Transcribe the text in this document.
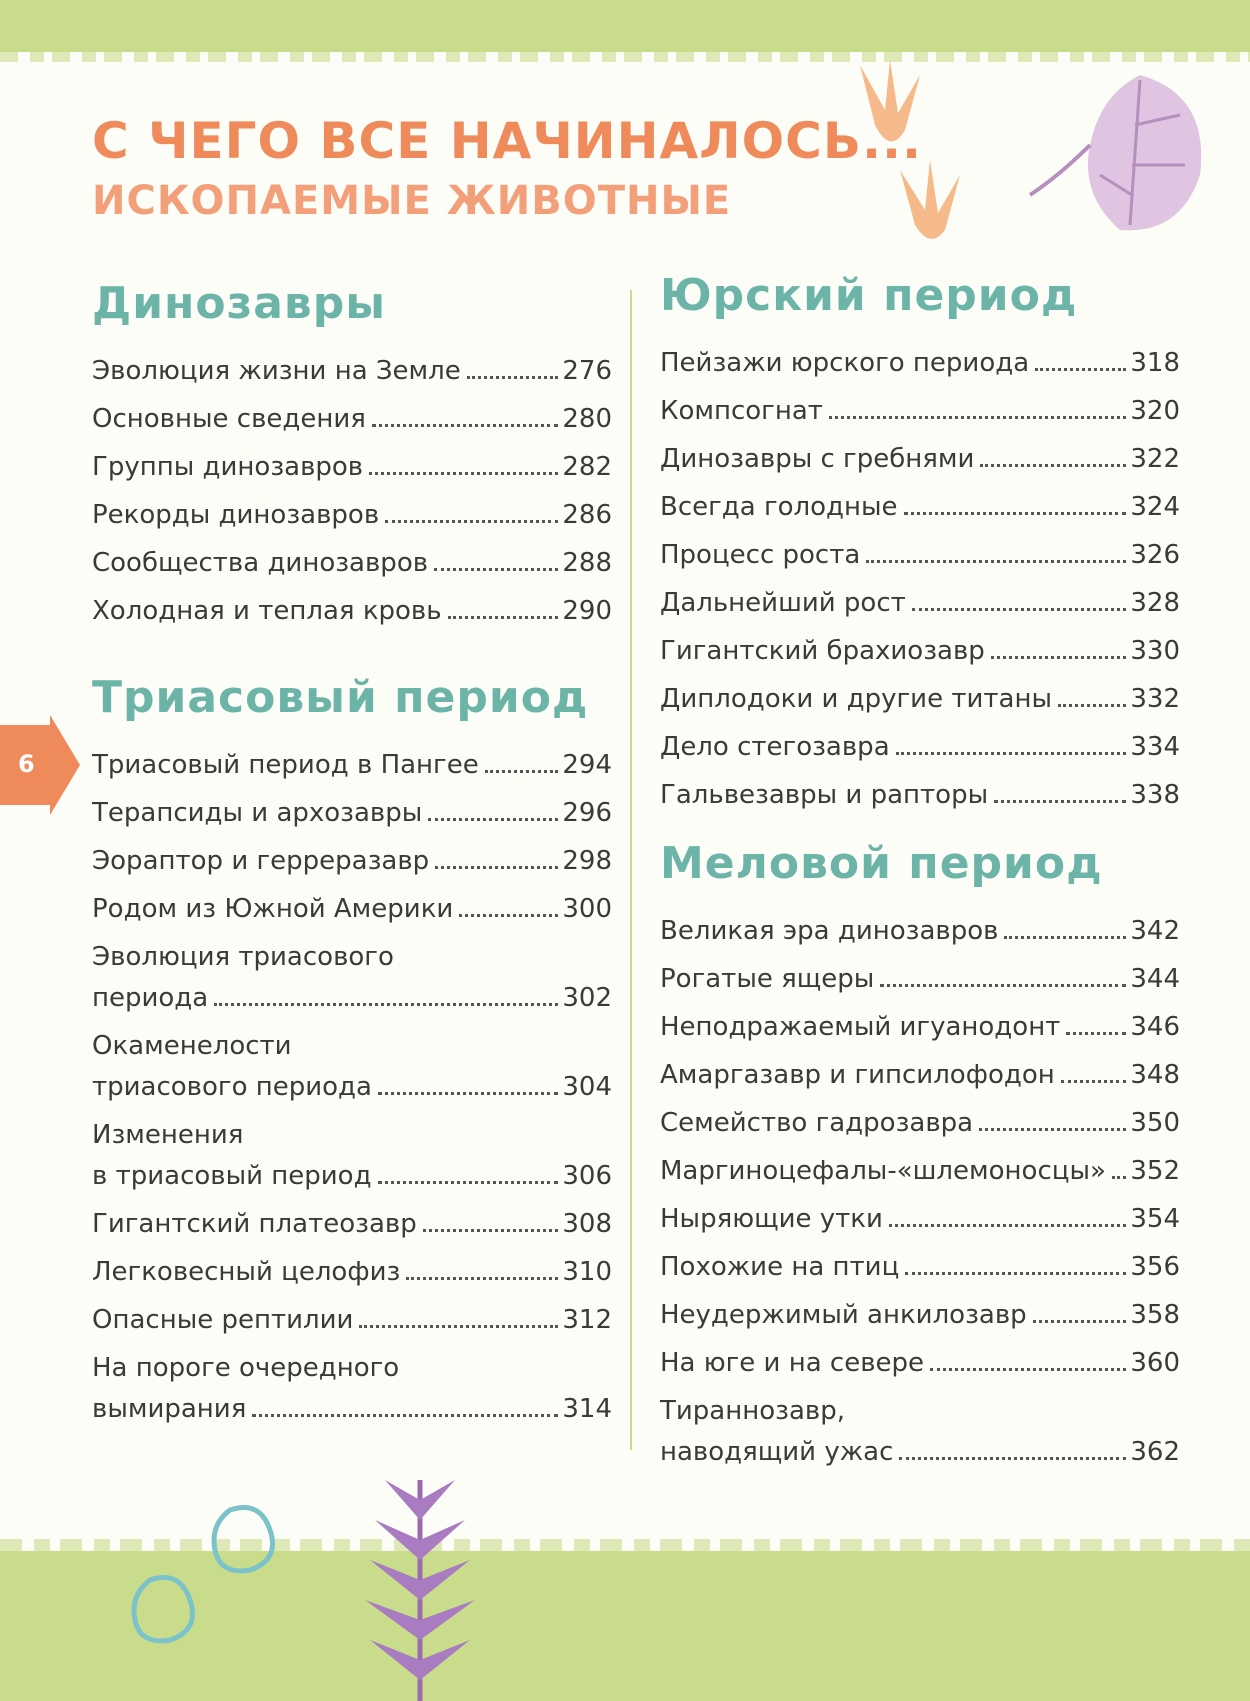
6
С ЧЕГО ВСЕ НАЧИНАЛОСЬ...
ИСКОПАЕМЫЕ ЖИВОТНЫЕ
Динозавры
Эволюция жизни на Земле	276
Основные сведения	280
Группы динозавров	282
Рекорды динозавров	286
Сообщества динозавров	288
Холодная и теплая кровь	290
Триасовый период
Триасовый период в Пангее	294
Терапсиды и архозавры	296
Эораптор и герреразавр	298
Родом из Южной Америки	300
Эволюция триасового
периода	302
Окаменелости
триасового периода	304
Изменения
в триасовый период	306
Гигантский платеозавр	308
Легковесный целофиз	310
Опасные рептилии	312
На пороге очередного
вымирания	314
Юрский период
Пейзажи юрского периода	318
Компсогнат	320
Динозавры с гребнями	322
Всегда голодные	324
Процесс роста	326
Дальнейший рост	328
Гигантский брахиозавр	330
Диплодоки и другие титаны	332
Дело стегозавра	334
Гальвезавры и рапторы	338
Меловой период
Великая эра динозавров	342
Рогатые ящеры	344
Неподражаемый игуанодонт	346
Амаргазавр и гипсилофодон	348
Семейство гадрозавра	350
Маргиноцефалы-«шлемоносцы» 352
Ныряющие утки	354
Похожие на птиц	356
Неудержимый анкилозавр	358
На юге и на севере	360
Тираннозавр,
наводящий ужас	362
